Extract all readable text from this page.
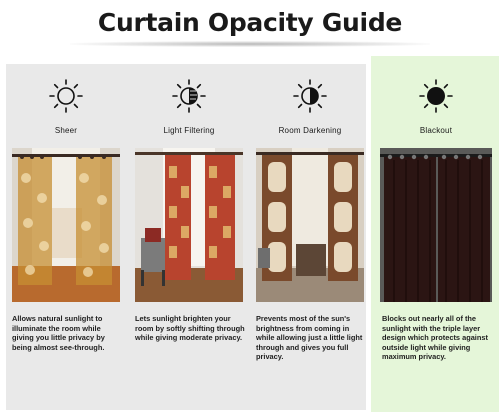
Curtain Opacity Guide
Sheer
Allows natural sunlight to illuminate the room while giving you little privacy by being almost see-through.
Light Filtering
Lets sunlight brighten your room by softly shifting through while giving moderate privacy.
Room Darkening
Prevents most of the sun's brightness from coming in while allowing just a little light through and gives you full privacy.
Blackout
Blocks out nearly all of the sunlight with the triple layer design which protects against outside light while giving maximum privacy.
